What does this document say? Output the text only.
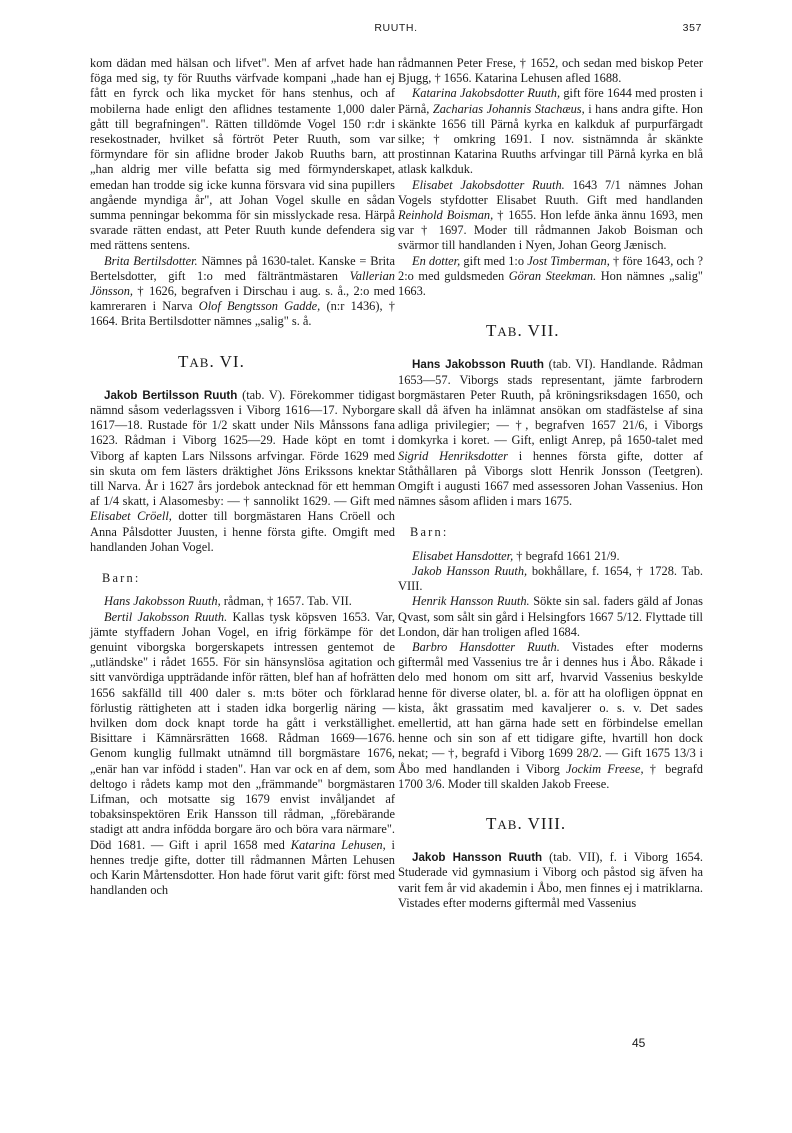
RUUTH.	357

kom dädan med hälsan och lifvet". Men af arfvet hade han föga med sig, ty för Ruuths värfvade kompani „hade han ej fått en fyrck och lika mycket för hans stenhus, och af mobilerna hade enligt den aflidnes testamente 1,000 daler gått till begrafningen". Rätten tilldömde Vogel 150 r:dr i resekostnader, hvilket så förtröt Peter Ruuth, som var förmyndare för sin aflidne broder Jakob Ruuths barn, att „han aldrig mer ville befatta sig med förmynderskapet, emedan han trodde sig icke kunna försvara vid sina pupillers angående myndiga år", att Johan Vogel skulle en sådan summa penningar bekomma för sin misslyckade resa. Härpå svarade rätten endast, att Peter Ruuth kunde defendera sig med rättens sentens.

Brita Bertilsdotter. Nämnes på 1630-talet. Kanske = Brita Bertelsdotter, gift 1:o med fälträntmästaren Vallerian Jönsson, † 1626, begrafven i Dirschau i aug. s. å., 2:o med kamreraren i Narva Olof Bengtsson Gadde, (n:r 1436), † 1664. Brita Bertilsdotter nämnes „salig" s. å.

TAB. VI.

Jakob Bertilsson Ruuth (tab. V). Förekommer tidigast nämnd såsom vederlagssven i Viborg 1616—17. Nyborgare 1617—18. Rustade för 1/2 skatt under Nils Månssons fana 1623. Rådman i Viborg 1625—29. Hade köpt en tomt i Viborg af kapten Lars Nilssons arfvingar. Förde 1629 med sin skuta om fem lästers dräktighet Jöns Erikssons knektar till Narva. År i 1627 års jordebok antecknad för ett hemman af 1/4 skatt, i Alasomesby: — † sannolikt 1629. — Gift med Elisabet Cröell, dotter till borgmästaren Hans Cröell och Anna Pålsdotter Juusten, i henne första gifte. Omgift med handlanden Johan Vogel.

Barn:

Hans Jakobsson Ruuth, rådman, † 1657. Tab. VII.

Bertil Jakobsson Ruuth. Kallas tysk köpsven 1653. Var, jämte styffadern Johan Vogel, en ifrig förkämpe för det genuint viborgska borgerskapets intressen gentemot de „utländske" i rådet 1655. För sin hänsynslösa agitation och sitt vanvördiga uppträdande inför rätten, blef han af hofrätten 1656 sakfälld till 400 daler s. m:ts böter och förklarad förlustig rättigheten att i staden idka borgerlig näring — hvilken dom dock knapt torde ha gått i verkställighet. Bisittare i Kämnärsrätten 1668. Rådman 1669—1676. Genom kunglig fullmakt utnämnd till borgmästare 1676, „enär han var infödd i staden". Han var ock en af dem, som deltogo i rådets kamp mot den „främmande" borgmästaren Lifman, och motsatte sig 1679 envist invåljandet af tobaksinspektören Erik Hansson till rådman, „förebärande stadigt att andra infödda borgare äro och böra vara närmare". Död 1681. — Gift i april 1658 med Katarina Lehusen, i hennes tredje gifte, dotter till rådmannen Mårten Lehusen och Karin Mårtensdotter. Hon hade förut varit gift: först med handlanden och

rådmannen Peter Frese, † 1652, och sedan med biskop Peter Bjugg, † 1656. Katarina Lehusen afled 1688.

Katarina Jakobsdotter Ruuth, gift före 1644 med prosten i Pärnå, Zacharias Johannis Stachæus, i hans andra gifte. Hon skänkte 1656 till Pärnå kyrka en kalkduk af purpurfärgadt silke; † omkring 1691. I nov. sistnämnda år skänkte prostinnan Katarina Ruuths arfvingar till Pärnå kyrka en blå atlask kalkduk.

Elisabet Jakobsdotter Ruuth. 1643 7/1 nämnes Johan Vogels styfdotter Elisabet Ruuth. Gift med handlanden Reinhold Boisman, † 1655. Hon lefde änka ännu 1693, men var † 1697. Moder till rådmannen Jakob Boisman och svärmor till handlanden i Nyen, Johan Georg Jænisch.

En dotter, gift med 1:o Jost Timberman, † före 1643, och ? 2:o med guldsmeden Göran Steekman. Hon nämnes „salig" 1663.

TAB. VII.

Hans Jakobsson Ruuth (tab. VI). Handlande. Rådman 1653—57. Viborgs stads representant, jämte farbrodern borgmästaren Peter Ruuth, på kröningsriksdagen 1650, och skall då äfven ha inlämnat ansökan om stadfästelse af sina adliga privilegier; — †, begrafven 1657 21/6, i Viborgs domkyrka i koret. — Gift, enligt Anrep, på 1650-talet med Sigrid Henriksdotter i hennes första gifte, dotter af Ståthållaren på Viborgs slott Henrik Jonsson (Teetgren). Omgift i augusti 1667 med assessoren Johan Vassenius. Hon nämnes såsom afliden i mars 1675.

Barn:

Elisabet Hansdotter, † begrafd 1661 21/9.

Jakob Hansson Ruuth, bokhållare, f. 1654, † 1728. Tab. VIII.

Henrik Hansson Ruuth. Sökte sin sal. faders gäld af Jonas Qvast, som sålt sin gård i Helsingfors 1667 5/12. Flyttade till London, där han troligen afled 1684.

Barbro Hansdotter Ruuth. Vistades efter moderns giftermål med Vassenius tre år i dennes hus i Åbo. Råkade i delo med honom om sitt arf, hvarvid Vassenius beskylde henne för diverse olater, bl. a. för att ha olofligen öppnat en kista, åkt grassatim med kavaljerer o. s. v. Det sades emellertid, att han gärna hade sett en förbindelse emellan henne och sin son af ett tidigare gifte, hvartill hon dock nekat; — †, begrafd i Viborg 1699 28/2. — Gift 1675 13/3 i Åbo med handlanden i Viborg Jockim Freese, † begrafd 1700 3/6. Moder till skalden Jakob Freese.

TAB. VIII.

Jakob Hansson Ruuth (tab. VII), f. i Viborg 1654. Studerade vid gymnasium i Viborg och påstod sig äfven ha varit fem år vid akademin i Åbo, men finnes ej i matriklarna. Vistades efter moderns giftermål med Vassenius

45
